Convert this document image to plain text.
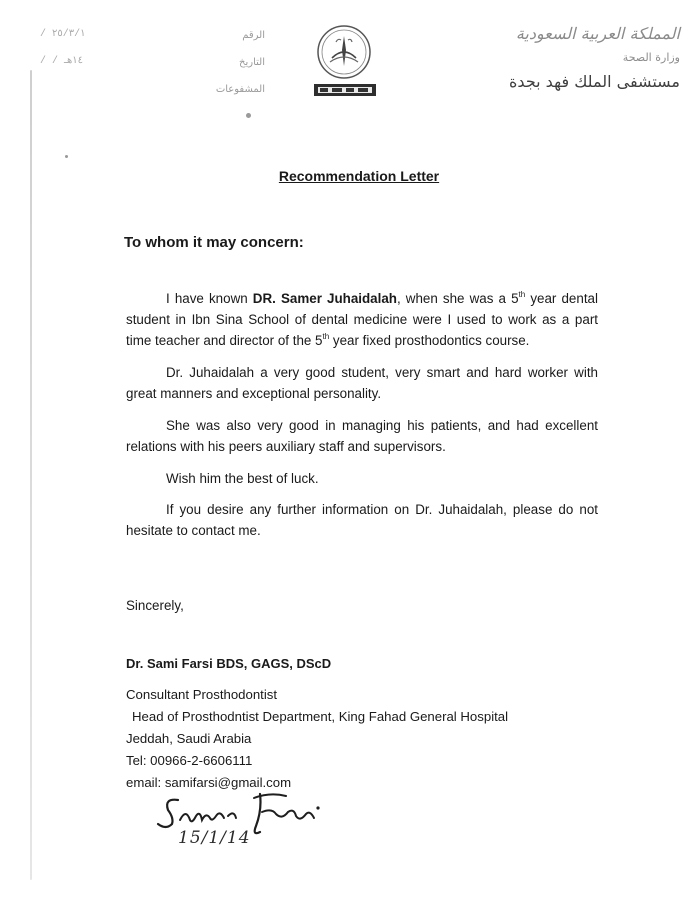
/ ٢٥/٣/١	الرقم
/ / ١٤هـ	التاريخ
المشفوعات
المملكة العربية السعودية
وزارة الصحة
مستشفى الملك فهد بجدة
Recommendation Letter
To whom it may concern:

I have known DR. Samer Juhaidalah, when she was a 5th year dental student in Ibn Sina School of dental medicine were I used to work as a part time teacher and director of the 5th year fixed prosthodontics course.

Dr. Juhaidalah a very good student, very smart and hard worker with great manners and exceptional personality.

She was also very good in managing his patients, and had excellent relations with his peers auxiliary staff and supervisors.

Wish him the best of luck.

If you desire any further information on Dr. Juhaidalah, please do not hesitate to contact me.

Sincerely,
Dr. Sami Farsi BDS, GAGS, DScD
Consultant Prosthodontist
Head of Prosthodntist Department, King Fahad General Hospital
Jeddah, Saudi Arabia
Tel: 00966-2-6606111
email: samifarsi@gmail.com
15/1/14
